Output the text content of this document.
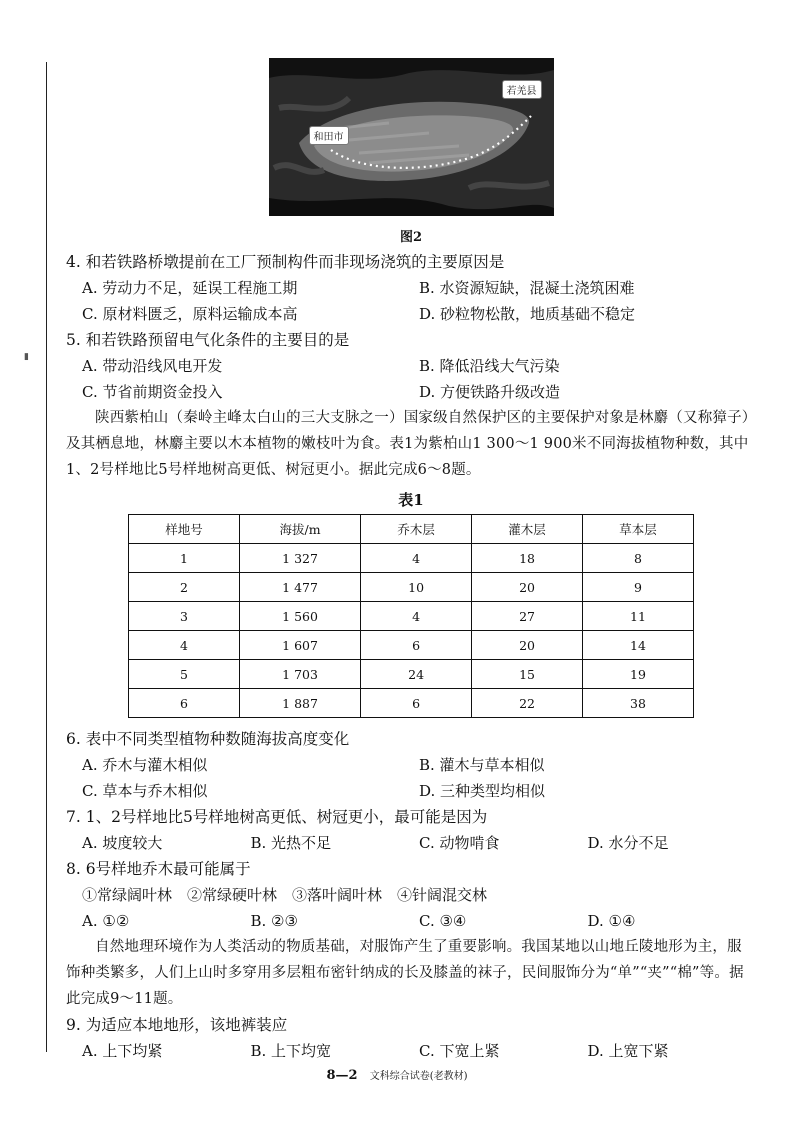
▮
和田市
若羌县
图2
4. 和若铁路桥墩提前在工厂预制构件而非现场浇筑的主要原因是
A. 劳动力不足，延误工程施工期	B. 水资源短缺，混凝土浇筑困难
C. 原材料匮乏，原料运输成本高	D. 砂粒物松散，地质基础不稳定
5. 和若铁路预留电气化条件的主要目的是
A. 带动沿线风电开发	B. 降低沿线大气污染
C. 节省前期资金投入	D. 方便铁路升级改造
陕西紫柏山（秦岭主峰太白山的三大支脉之一）国家级自然保护区的主要保护对象是林麝（又称獐子）及其栖息地，林麝主要以木本植物的嫩枝叶为食。表1为紫柏山1 300～1 900米不同海拔植物种数，其中1、2号样地比5号样地树高更低、树冠更小。据此完成6～8题。
表1
样地号	海拔/m	乔木层	灌木层	草本层
1	1 327	4	18	8
2	1 477	10	20	9
3	1 560	4	27	11
4	1 607	6	20	14
5	1 703	24	15	19
6	1 887	6	22	38
6. 表中不同类型植物种数随海拔高度变化
A. 乔木与灌木相似	B. 灌木与草本相似
C. 草本与乔木相似	D. 三种类型均相似
7. 1、2号样地比5号样地树高更低、树冠更小，最可能是因为
A. 坡度较大	B. 光热不足	C. 动物啃食	D. 水分不足
8. 6号样地乔木最可能属于
①常绿阔叶林　②常绿硬叶林　③落叶阔叶林　④针阔混交林
A. ①②	B. ②③	C. ③④	D. ①④
自然地理环境作为人类活动的物质基础，对服饰产生了重要影响。我国某地以山地丘陵地形为主，服饰种类繁多，人们上山时多穿用多层粗布密针纳成的长及膝盖的袜子，民间服饰分为“单”“夹”“棉”等。据此完成9～11题。
9. 为适应本地地形，该地裤装应
A. 上下均紧	B. 上下均宽	C. 下宽上紧	D. 上宽下紧
8—2 文科综合试卷(老教材)
